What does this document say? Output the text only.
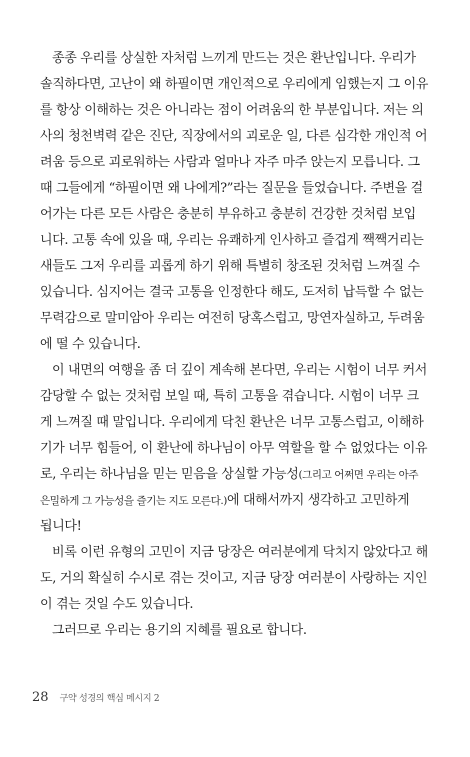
종종 우리를 상실한 자처럼 느끼게 만드는 것은 환난입니다. 우리가
솔직하다면, 고난이 왜 하필이면 개인적으로 우리에게 임했는지 그 이유
를 항상 이해하는 것은 아니라는 점이 어려움의 한 부분입니다. 저는 의
사의 청천벽력 같은 진단, 직장에서의 괴로운 일, 다른 심각한 개인적 어
려움 등으로 괴로워하는 사람과 얼마나 자주 마주 앉는지 모릅니다. 그
때 그들에게 “하필이면 왜 나에게?”라는 질문을 들었습니다. 주변을 걸
어가는 다른 모든 사람은 충분히 부유하고 충분히 건강한 것처럼 보입
니다. 고통 속에 있을 때, 우리는 유쾌하게 인사하고 즐겁게 짹짹거리는
새들도 그저 우리를 괴롭게 하기 위해 특별히 창조된 것처럼 느껴질 수
있습니다. 심지어는 결국 고통을 인정한다 해도, 도저히 납득할 수 없는
무력감으로 말미암아 우리는 여전히 당혹스럽고, 망연자실하고, 두려움
에 떨 수 있습니다.
이 내면의 여행을 좀 더 깊이 계속해 본다면, 우리는 시험이 너무 커서
감당할 수 없는 것처럼 보일 때, 특히 고통을 겪습니다. 시험이 너무 크
게 느껴질 때 말입니다. 우리에게 닥친 환난은 너무 고통스럽고, 이해하
기가 너무 힘들어, 이 환난에 하나님이 아무 역할을 할 수 없었다는 이유
로, 우리는 하나님을 믿는 믿음을 상실할 가능성(그리고 어쩌면 우리는 아주
은밀하게 그 가능성을 즐기는 지도 모른다.)에 대해서까지 생각하고 고민하게
됩니다!
비록 이런 유형의 고민이 지금 당장은 여러분에게 닥치지 않았다고 해
도, 거의 확실히 수시로 겪는 것이고, 지금 당장 여러분이 사랑하는 지인
이 겪는 것일 수도 있습니다.
그러므로 우리는 용기의 지혜를 필요로 합니다.
28 구약 성경의 핵심 메시지 2
